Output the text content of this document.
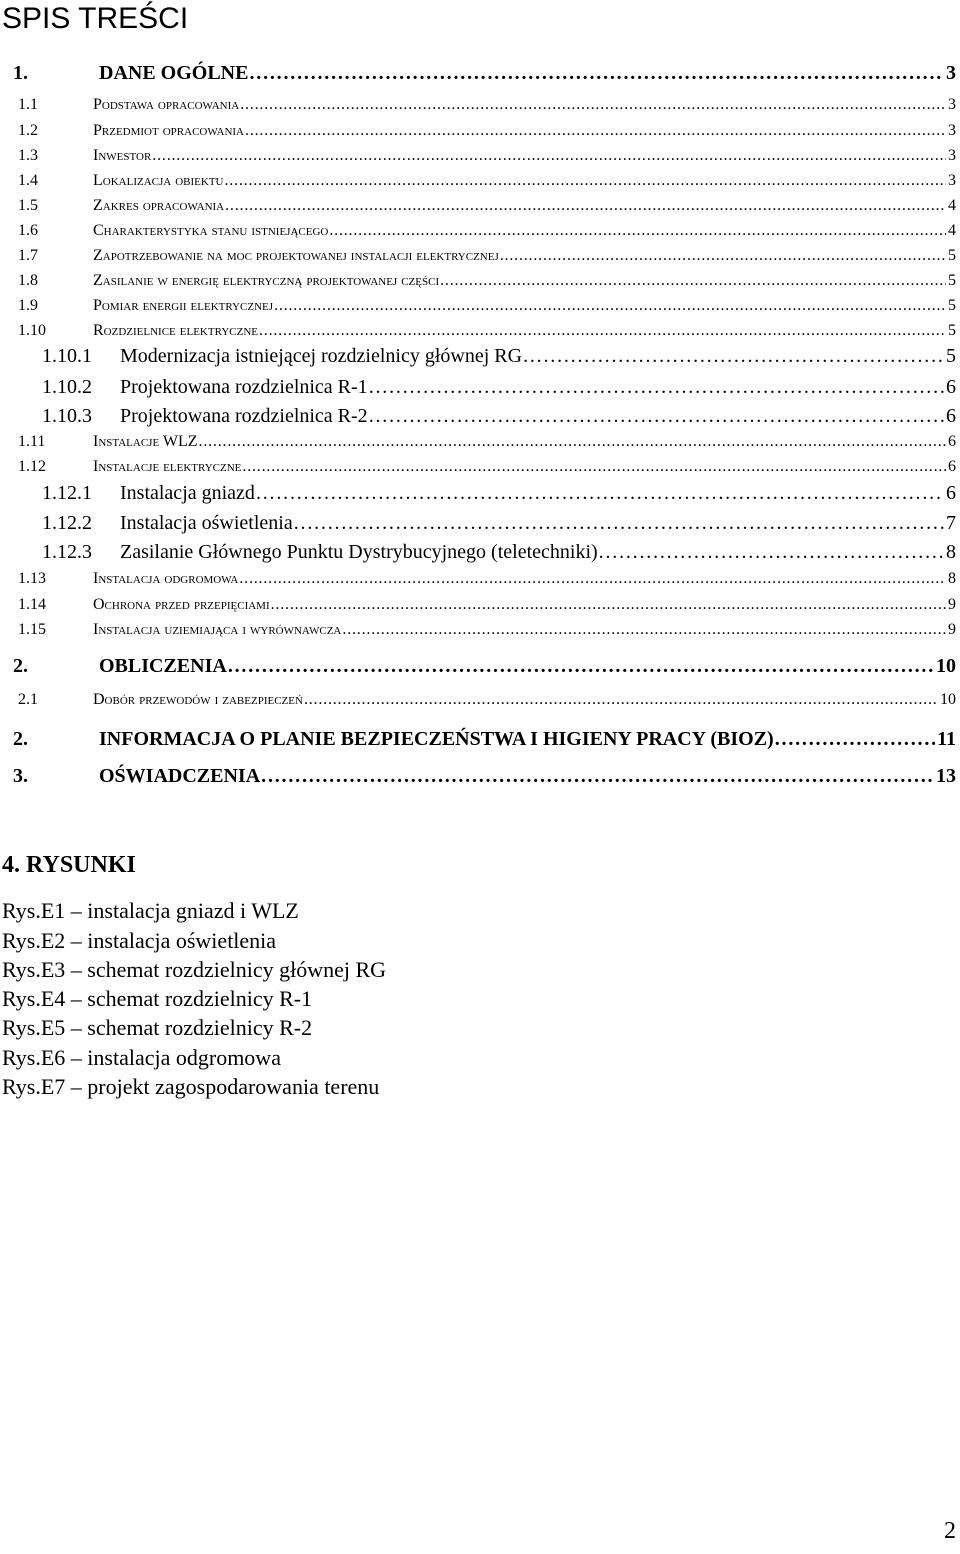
SPIS TREŚCI
1.	DANE OGÓLNE . . .	3
1.1	Podstawa opracowania . . .	3
1.2	Przedmiot opracowania . . .	3
1.3	Inwestor . . .	3
1.4	Lokalizacja obiektu . . .	3
1.5	Zakres opracowania . . .	4
1.6	Charakterystyka stanu istniejącego . . .	4
1.7	Zapotrzebowanie na moc projektowanej instalacji elektrycznej . . .	5
1.8	Zasilanie w energię elektryczną projektowanej części . . .	5
1.9	Pomiar energii elektrycznej . . .	5
1.10	Rozdzielnice elektryczne . . .	5
1.10.1	Modernizacja istniejącej rozdzielnicy głównej RG . . .	5
1.10.2	Projektowana rozdzielnica R-1 . . .	6
1.10.3	Projektowana rozdzielnica R-2 . . .	6
1.11	Instalacje WLZ . . .	6
1.12	Instalacje elektryczne . . .	6
1.12.1	Instalacja gniazd . . .	6
1.12.2	Instalacja oświetlenia . . .	7
1.12.3	Zasilanie Głównego Punktu Dystrybucyjnego (teletechniki) . . .	8
1.13	Instalacja odgromowa . . .	8
1.14	Ochrona przed przepięciami . . .	9
1.15	Instalacja uziemiająca i wyrównawcza . . .	9
2.	OBLICZENIA . . .	10
2.1	Dobór przewodów i zabezpieczeń . . .	10
2.	INFORMACJA O PLANIE BEZPIECZEŃSTWA I HIGIENY PRACY (BIOZ) . . .	11
3.	OŚWIADCZENIA . . .	13
4. RYSUNKI
Rys.E1 – instalacja gniazd i WLZ
Rys.E2 – instalacja oświetlenia
Rys.E3 – schemat rozdzielnicy głównej RG
Rys.E4 – schemat rozdzielnicy R-1
Rys.E5 – schemat rozdzielnicy R-2
Rys.E6 – instalacja odgromowa
Rys.E7 – projekt zagospodarowania terenu
2
